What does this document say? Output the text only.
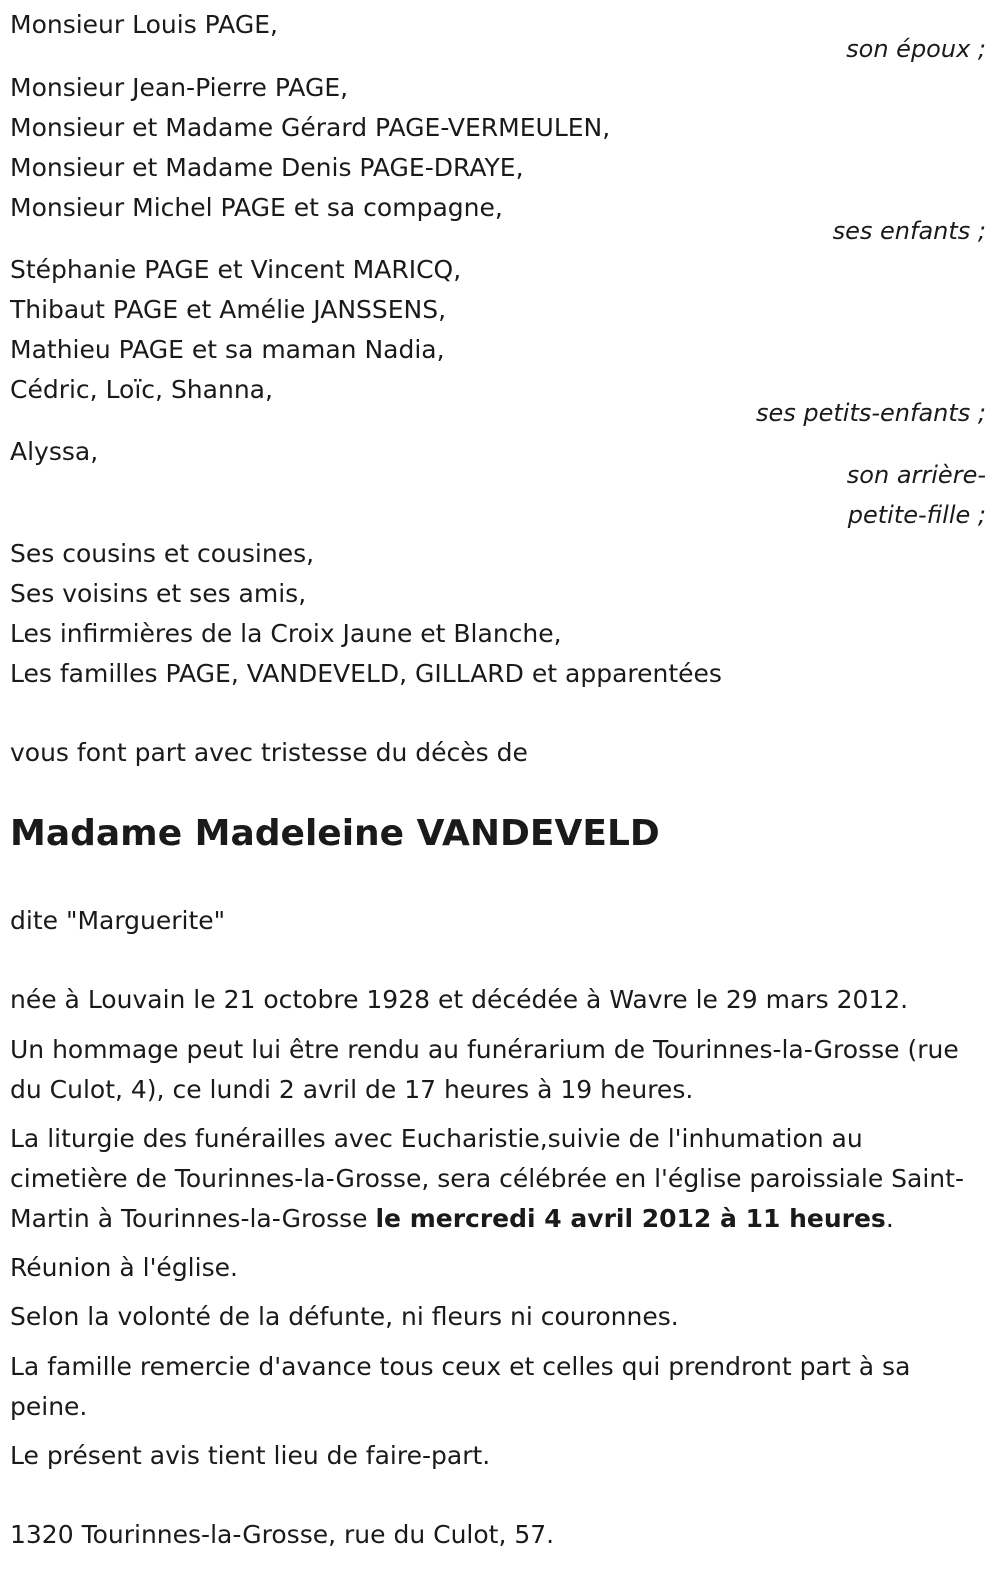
Monsieur Louis PAGE,
son époux ;
Monsieur Jean-Pierre PAGE,
Monsieur et Madame Gérard PAGE-VERMEULEN,
Monsieur et Madame Denis PAGE-DRAYE,
Monsieur Michel PAGE et sa compagne,
ses enfants ;
Stéphanie PAGE et Vincent MARICQ,
Thibaut PAGE et Amélie JANSSENS,
Mathieu PAGE et sa maman Nadia,
Cédric, Loïc, Shanna,
ses petits-enfants ;
Alyssa,
son arrière-
petite-fille ;
Ses cousins et cousines,
Ses voisins et ses amis,
Les infirmières de la Croix Jaune et Blanche,
Les familles PAGE, VANDEVELD, GILLARD et apparentées
vous font part avec tristesse du décès de
Madame Madeleine VANDEVELD
dite "Marguerite"
née à Louvain le 21 octobre 1928 et décédée à Wavre le 29 mars 2012.
Un hommage peut lui être rendu au funérarium de Tourinnes-la-Grosse (rue du Culot, 4), ce lundi 2 avril de 17 heures à 19 heures.
La liturgie des funérailles avec Eucharistie,suivie de l'inhumation au cimetière de Tourinnes-la-Grosse, sera célébrée en l'église paroissiale Saint-Martin à Tourinnes-la-Grosse le mercredi 4 avril 2012 à 11 heures.
Réunion à l'église.
Selon la volonté de la défunte, ni fleurs ni couronnes.
La famille remercie d'avance tous ceux et celles qui prendront part à sa peine.
Le présent avis tient lieu de faire-part.
1320 Tourinnes-la-Grosse, rue du Culot, 57.
